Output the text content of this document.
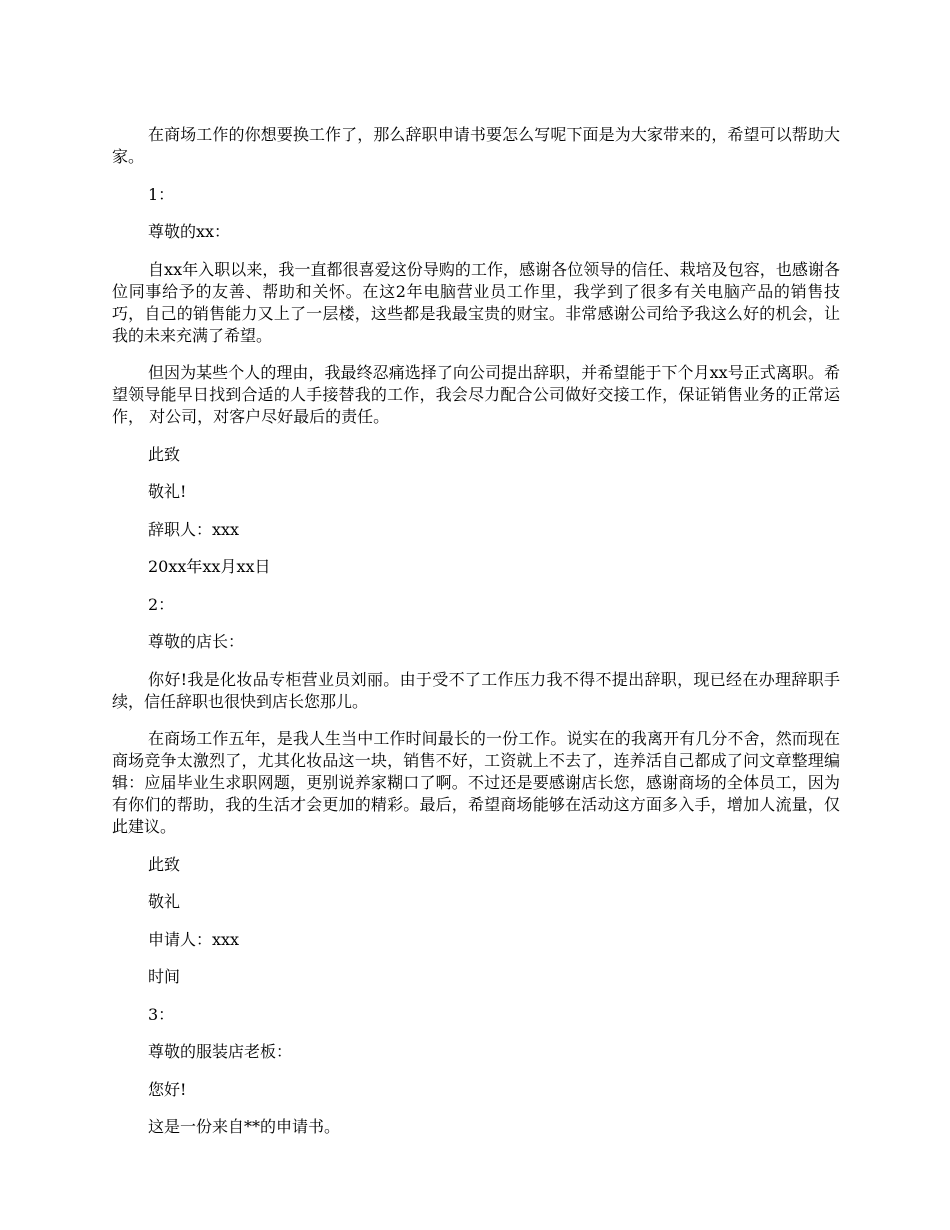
在商场工作的你想要换工作了，那么辞职申请书要怎么写呢下面是为大家带来的，希望可以帮助大家。

1：

尊敬的xx：

自xx年入职以来，我一直都很喜爱这份导购的工作，感谢各位领导的信任、栽培及包容，也感谢各位同事给予的友善、帮助和关怀。在这2年电脑营业员工作里，我学到了很多有关电脑产品的销售技巧，自己的销售能力又上了一层楼，这些都是我最宝贵的财宝。非常感谢公司给予我这么好的机会，让我的未来充满了希望。

但因为某些个人的理由，我最终忍痛选择了向公司提出辞职，并希望能于下个月xx号正式离职。希望领导能早日找到合适的人手接替我的工作，我会尽力配合公司做好交接工作，保证销售业务的正常运作， 对公司，对客户尽好最后的责任。

此致

敬礼!

辞职人：xxx

20xx年xx月xx日

2：

尊敬的店长：

你好!我是化妆品专柜营业员刘丽。由于受不了工作压力我不得不提出辞职，现已经在办理辞职手续，信任辞职也很快到店长您那儿。

在商场工作五年，是我人生当中工作时间最长的一份工作。说实在的我离开有几分不舍，然而现在商场竞争太激烈了，尤其化妆品这一块，销售不好，工资就上不去了，连养活自己都成了问文章整理编辑：应届毕业生求职网题，更别说养家糊口了啊。不过还是要感谢店长您，感谢商场的全体员工，因为有你们的帮助，我的生活才会更加的精彩。最后，希望商场能够在活动这方面多入手，增加人流量，仅此建议。

此致

敬礼

申请人：xxx

时间

3：

尊敬的服装店老板：

您好!

这是一份来自**的申请书。
